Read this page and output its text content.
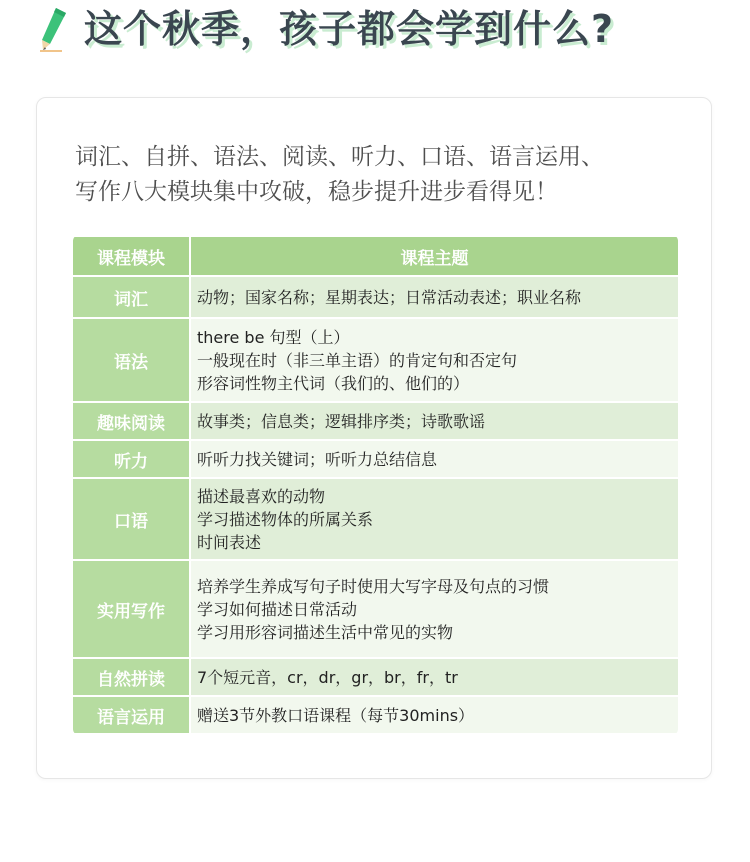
这个秋季，孩子都会学到什么?
词汇、自拼、语法、阅读、听力、口语、语言运用、
写作八大模块集中攻破，稳步提升进步看得见！
课程模块	课程主题
词汇	动物；国家名称；星期表达；日常活动表述；职业名称

语法	there be 句型（上）
一般现在时（非三单主语）的肯定句和否定句
形容词性物主代词（我们的、他们的）

趣味阅读	故事类；信息类；逻辑排序类；诗歌歌谣

听力	听听力找关键词；听听力总结信息

口语	描述最喜欢的动物
学习描述物体的所属关系
时间表述

实用写作	培养学生养成写句子时使用大写字母及句点的习惯
学习如何描述日常活动
学习用形容词描述生活中常见的实物

自然拼读	7个短元音，cr，dr，gr，br，fr，tr

语言运用	赠送3节外教口语课程（每节30mins）
